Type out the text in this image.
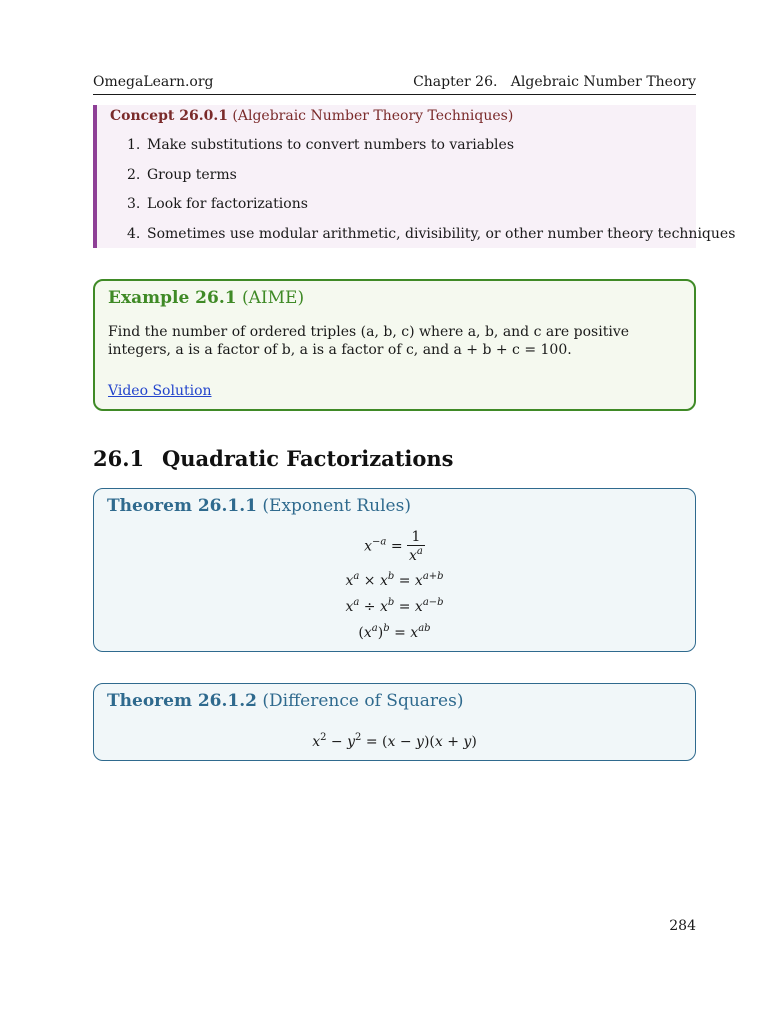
OmegaLearn.org	Chapter 26.   Algebraic Number Theory
Concept 26.0.1 (Algebraic Number Theory Techniques)
1. Make substitutions to convert numbers to variables
2. Group terms
3. Look for factorizations
4. Sometimes use modular arithmetic, divisibility, or other number theory techniques
Example 26.1 (AIME)
Find the number of ordered triples (a, b, c) where a, b, and c are positive integers, a is a factor of b, a is a factor of c, and a + b + c = 100.
Video Solution
26.1 Quadratic Factorizations
Theorem 26.1.1 (Exponent Rules)
$x^{-a} = \frac{1}{x^a}$
$x^a \times x^b = x^{a+b}$
$x^a \div x^b = x^{a-b}$
$(x^a)^b = x^{ab}$
Theorem 26.1.2 (Difference of Squares)
$x^2 - y^2 = (x - y)(x + y)$
284
